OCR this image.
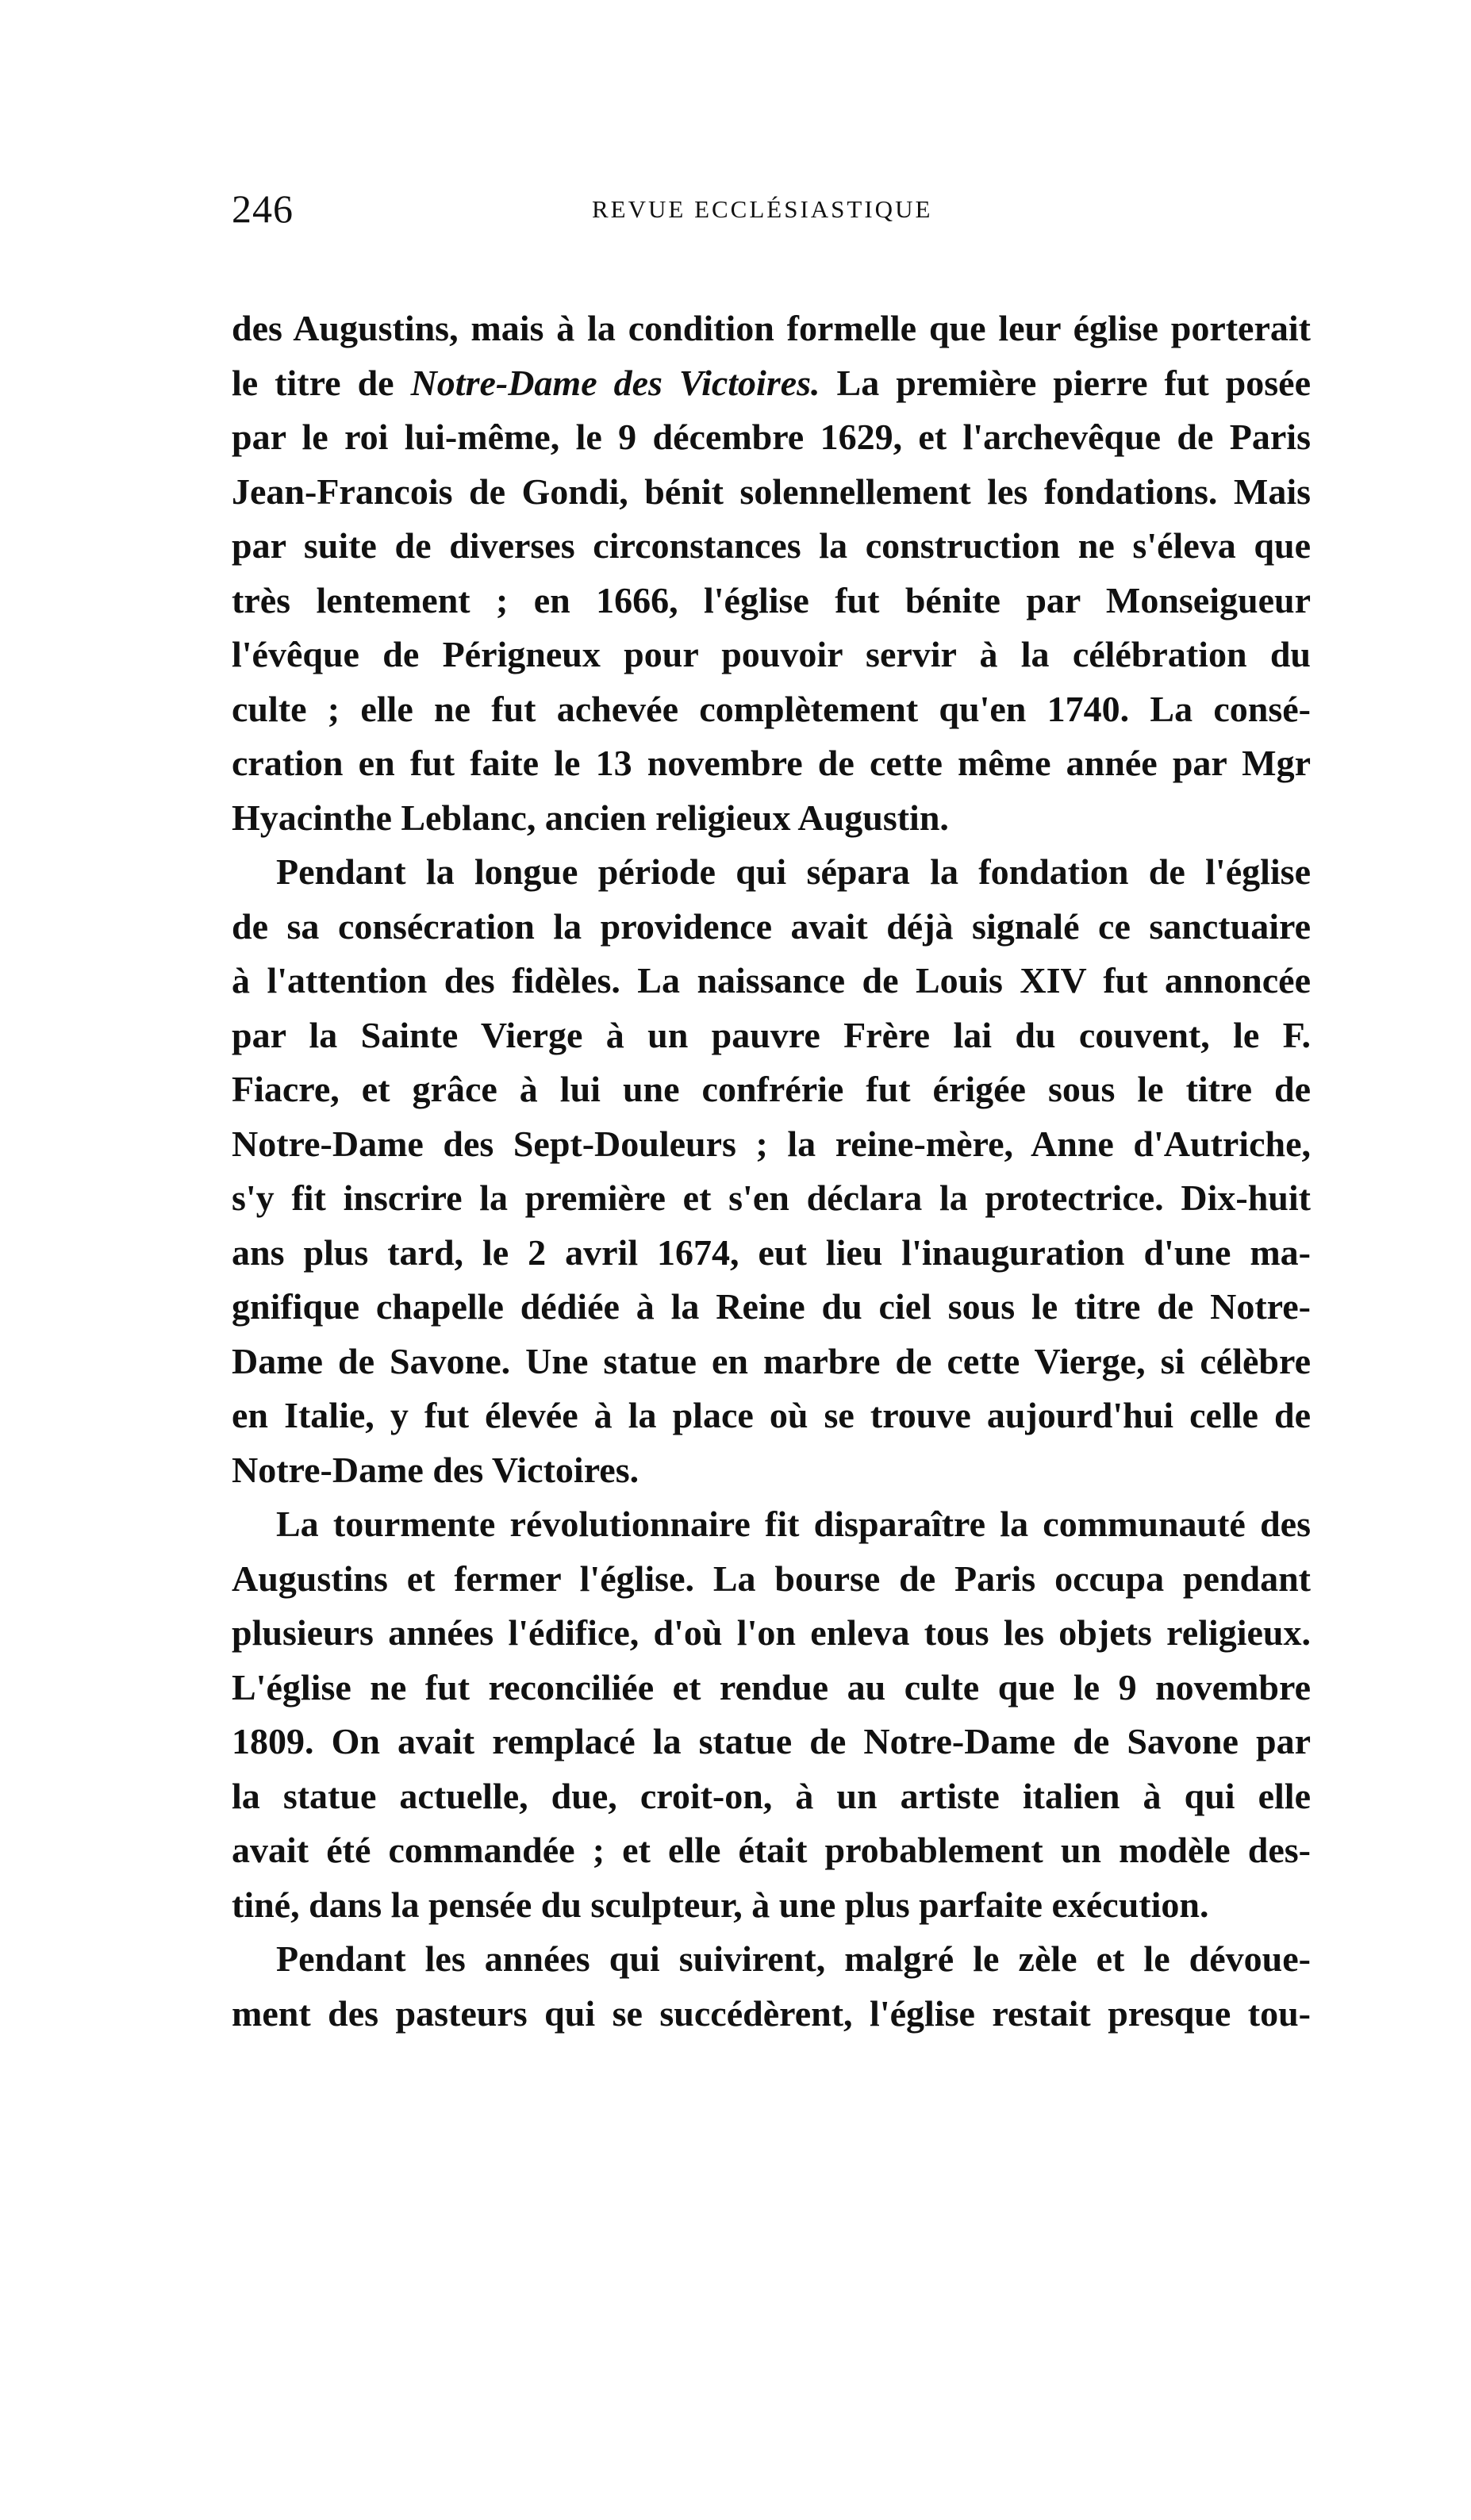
246	REVUE ECCLÉSIASTIQUE

des Augustins, mais à la condition formelle que leur église porterait
le titre de Notre-Dame des Victoires. La première pierre fut posée
par le roi lui-même, le 9 décembre 1629, et l'archevêque de Paris
Jean-Francois de Gondi, bénit solennellement les fondations. Mais
par suite de diverses circonstances la construction ne s'éleva que
très lentement ; en 1666, l'église fut bénite par Monseigueur
l'évêque de Périgneux pour pouvoir servir à la célébration du
culte ; elle ne fut achevée complètement qu'en 1740. La consé-
cration en fut faite le 13 novembre de cette même année par Mgr
Hyacinthe Leblanc, ancien religieux Augustin.

Pendant la longue période qui sépara la fondation de l'église
de sa consécration la providence avait déjà signalé ce sanctuaire
à l'attention des fidèles. La naissance de Louis XIV fut annoncée
par la Sainte Vierge à un pauvre Frère lai du couvent, le F.
Fiacre, et grâce à lui une confrérie fut érigée sous le titre de
Notre-Dame des Sept-Douleurs ; la reine-mère, Anne d'Autriche,
s'y fit inscrire la première et s'en déclara la protectrice. Dix-huit
ans plus tard, le 2 avril 1674, eut lieu l'inauguration d'une ma-
gnifique chapelle dédiée à la Reine du ciel sous le titre de Notre-
Dame de Savone. Une statue en marbre de cette Vierge, si célèbre
en Italie, y fut élevée à la place où se trouve aujourd'hui celle de
Notre-Dame des Victoires.

La tourmente révolutionnaire fit disparaître la communauté des
Augustins et fermer l'église. La bourse de Paris occupa pendant
plusieurs années l'édifice, d'où l'on enleva tous les objets religieux.
L'église ne fut reconciliée et rendue au culte que le 9 novembre
1809. On avait remplacé la statue de Notre-Dame de Savone par
la statue actuelle, due, croit-on, à un artiste italien à qui elle
avait été commandée ; et elle était probablement un modèle des-
tiné, dans la pensée du sculpteur, à une plus parfaite exécution.

Pendant les années qui suivirent, malgré le zèle et le dévoue-
ment des pasteurs qui se succédèrent, l'église restait presque tou-
